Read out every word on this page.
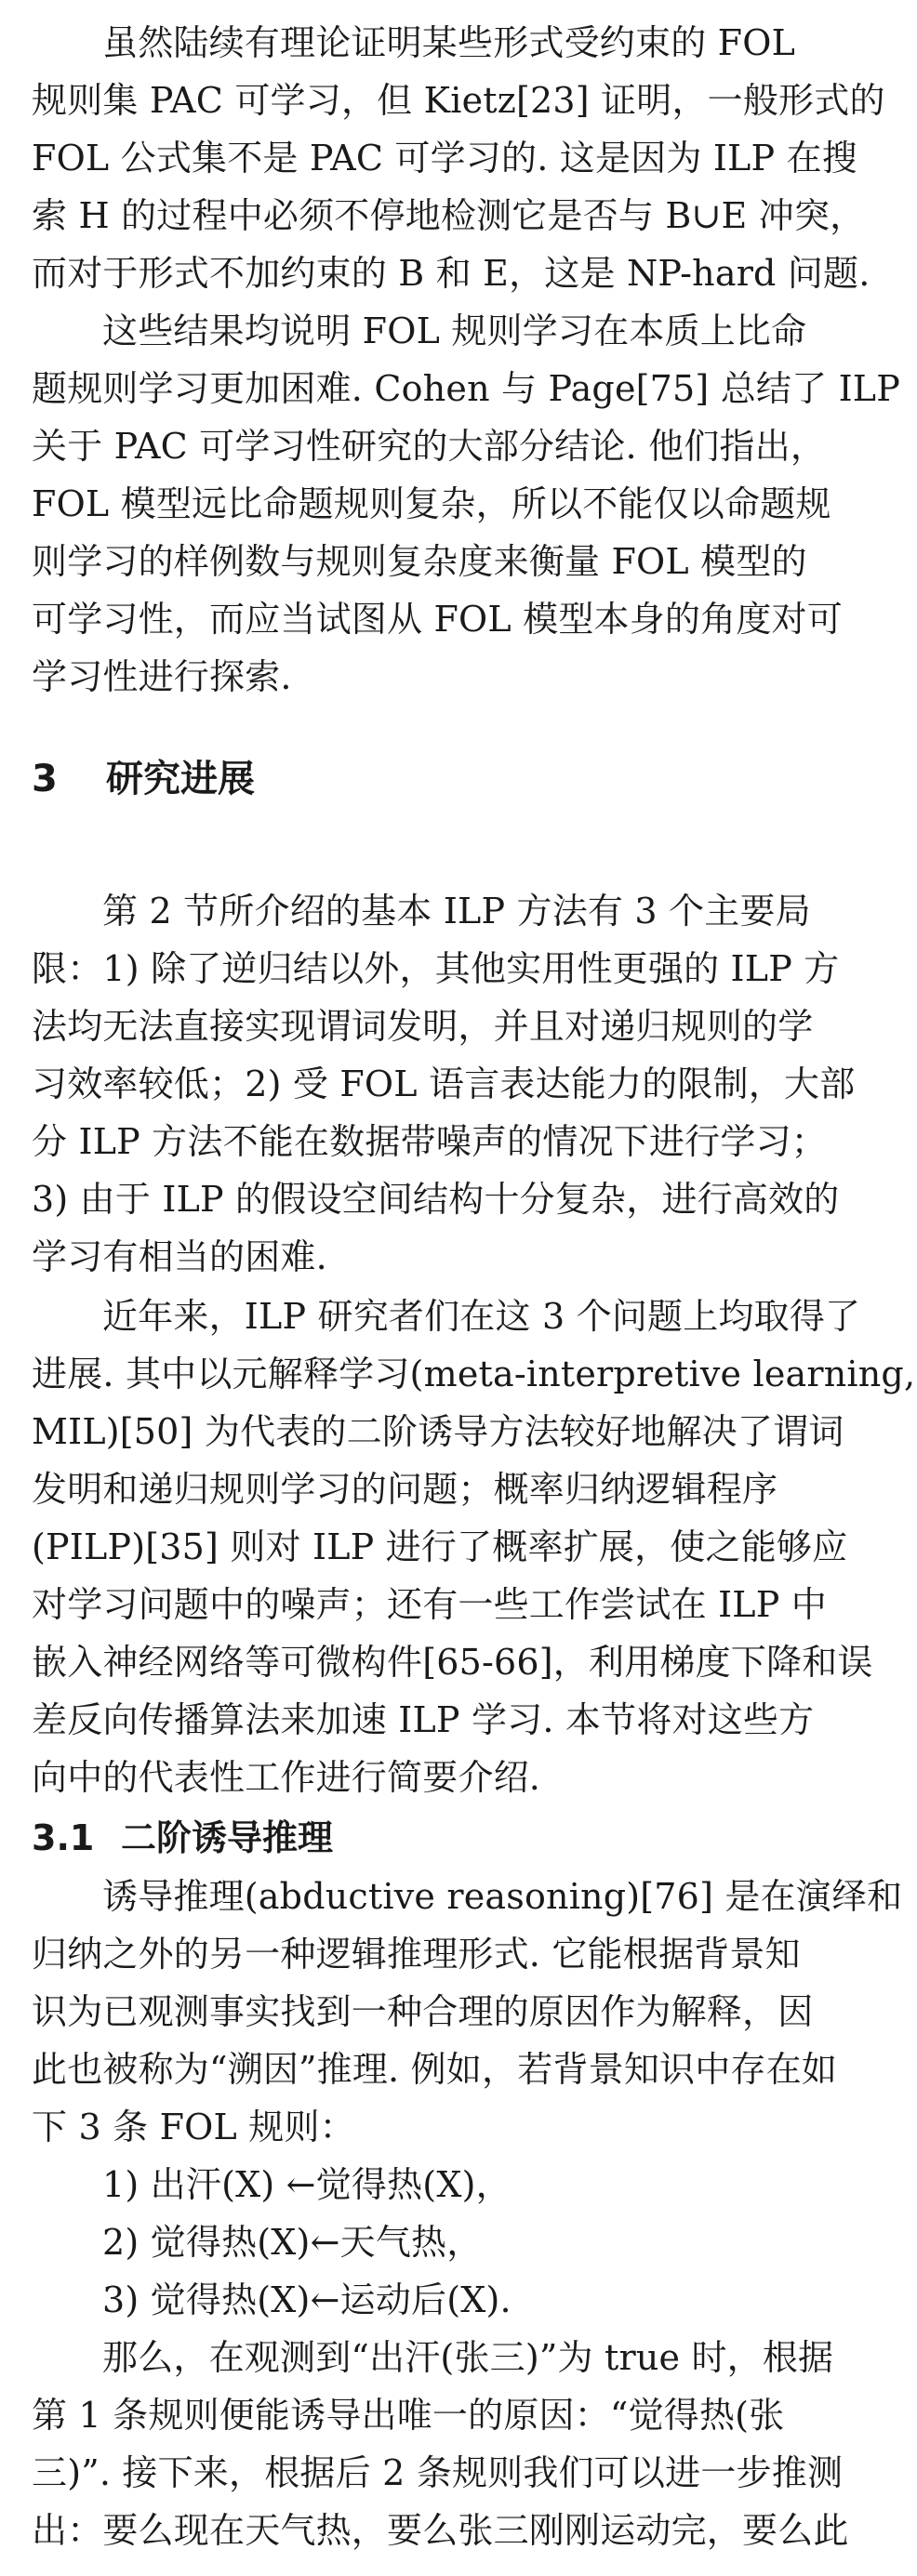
虽然陆续有理论证明某些形式受约束的 FOL
规则集 PAC 可学习，但 Kietz[23] 证明，一般形式的
FOL 公式集不是 PAC 可学习的. 这是因为 ILP 在搜
索 H 的过程中必须不停地检测它是否与 B∪E 冲突，
而对于形式不加约束的 B 和 E，这是 NP-hard 问题.
这些结果均说明 FOL 规则学习在本质上比命
题规则学习更加困难. Cohen 与 Page[75] 总结了 ILP
关于 PAC 可学习性研究的大部分结论. 他们指出，
FOL 模型远比命题规则复杂，所以不能仅以命题规
则学习的样例数与规则复杂度来衡量 FOL 模型的
可学习性，而应当试图从 FOL 模型本身的角度对可
学习性进行探索.
3 研究进展
第 2 节所介绍的基本 ILP 方法有 3 个主要局
限：1) 除了逆归结以外，其他实用性更强的 ILP 方
法均无法直接实现谓词发明，并且对递归规则的学
习效率较低；2) 受 FOL 语言表达能力的限制，大部
分 ILP 方法不能在数据带噪声的情况下进行学习；
3) 由于 ILP 的假设空间结构十分复杂，进行高效的
学习有相当的困难.
近年来，ILP 研究者们在这 3 个问题上均取得了
进展. 其中以元解释学习(meta-interpretive learning,
MIL)[50] 为代表的二阶诱导方法较好地解决了谓词
发明和递归规则学习的问题；概率归纳逻辑程序
(PILP)[35] 则对 ILP 进行了概率扩展，使之能够应
对学习问题中的噪声；还有一些工作尝试在 ILP 中
嵌入神经网络等可微构件[65-66]，利用梯度下降和误
差反向传播算法来加速 ILP 学习. 本节将对这些方
向中的代表性工作进行简要介绍.
3.1 二阶诱导推理
诱导推理(abductive reasoning)[76] 是在演绎和
归纳之外的另一种逻辑推理形式. 它能根据背景知
识为已观测事实找到一种合理的原因作为解释，因
此也被称为“溯因”推理. 例如，若背景知识中存在如
下 3 条 FOL 规则：
1) 出汗(X) ←觉得热(X)，
2) 觉得热(X)←天气热，
3) 觉得热(X)←运动后(X).
那么，在观测到“出汗(张三)”为 true 时，根据
第 1 条规则便能诱导出唯一的原因：“觉得热(张
三)”. 接下来，根据后 2 条规则我们可以进一步推测
出：要么现在天气热，要么张三刚刚运动完，要么此
